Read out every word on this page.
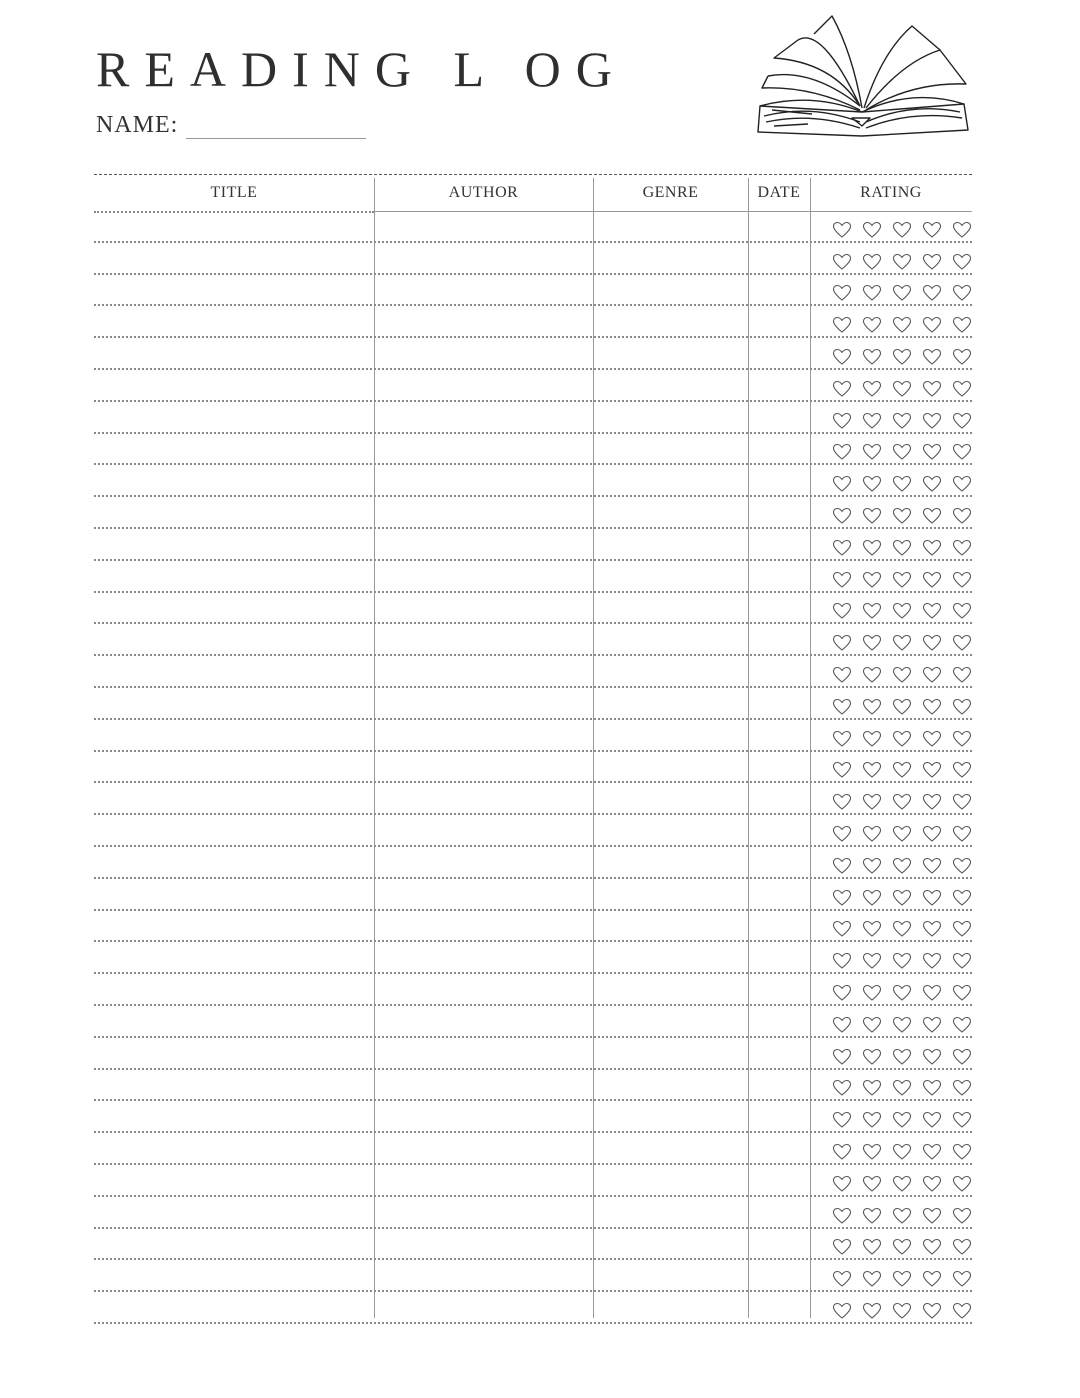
READING L OG
NAME:
TITLE	AUTHOR	GENRE	DATE	RATING
